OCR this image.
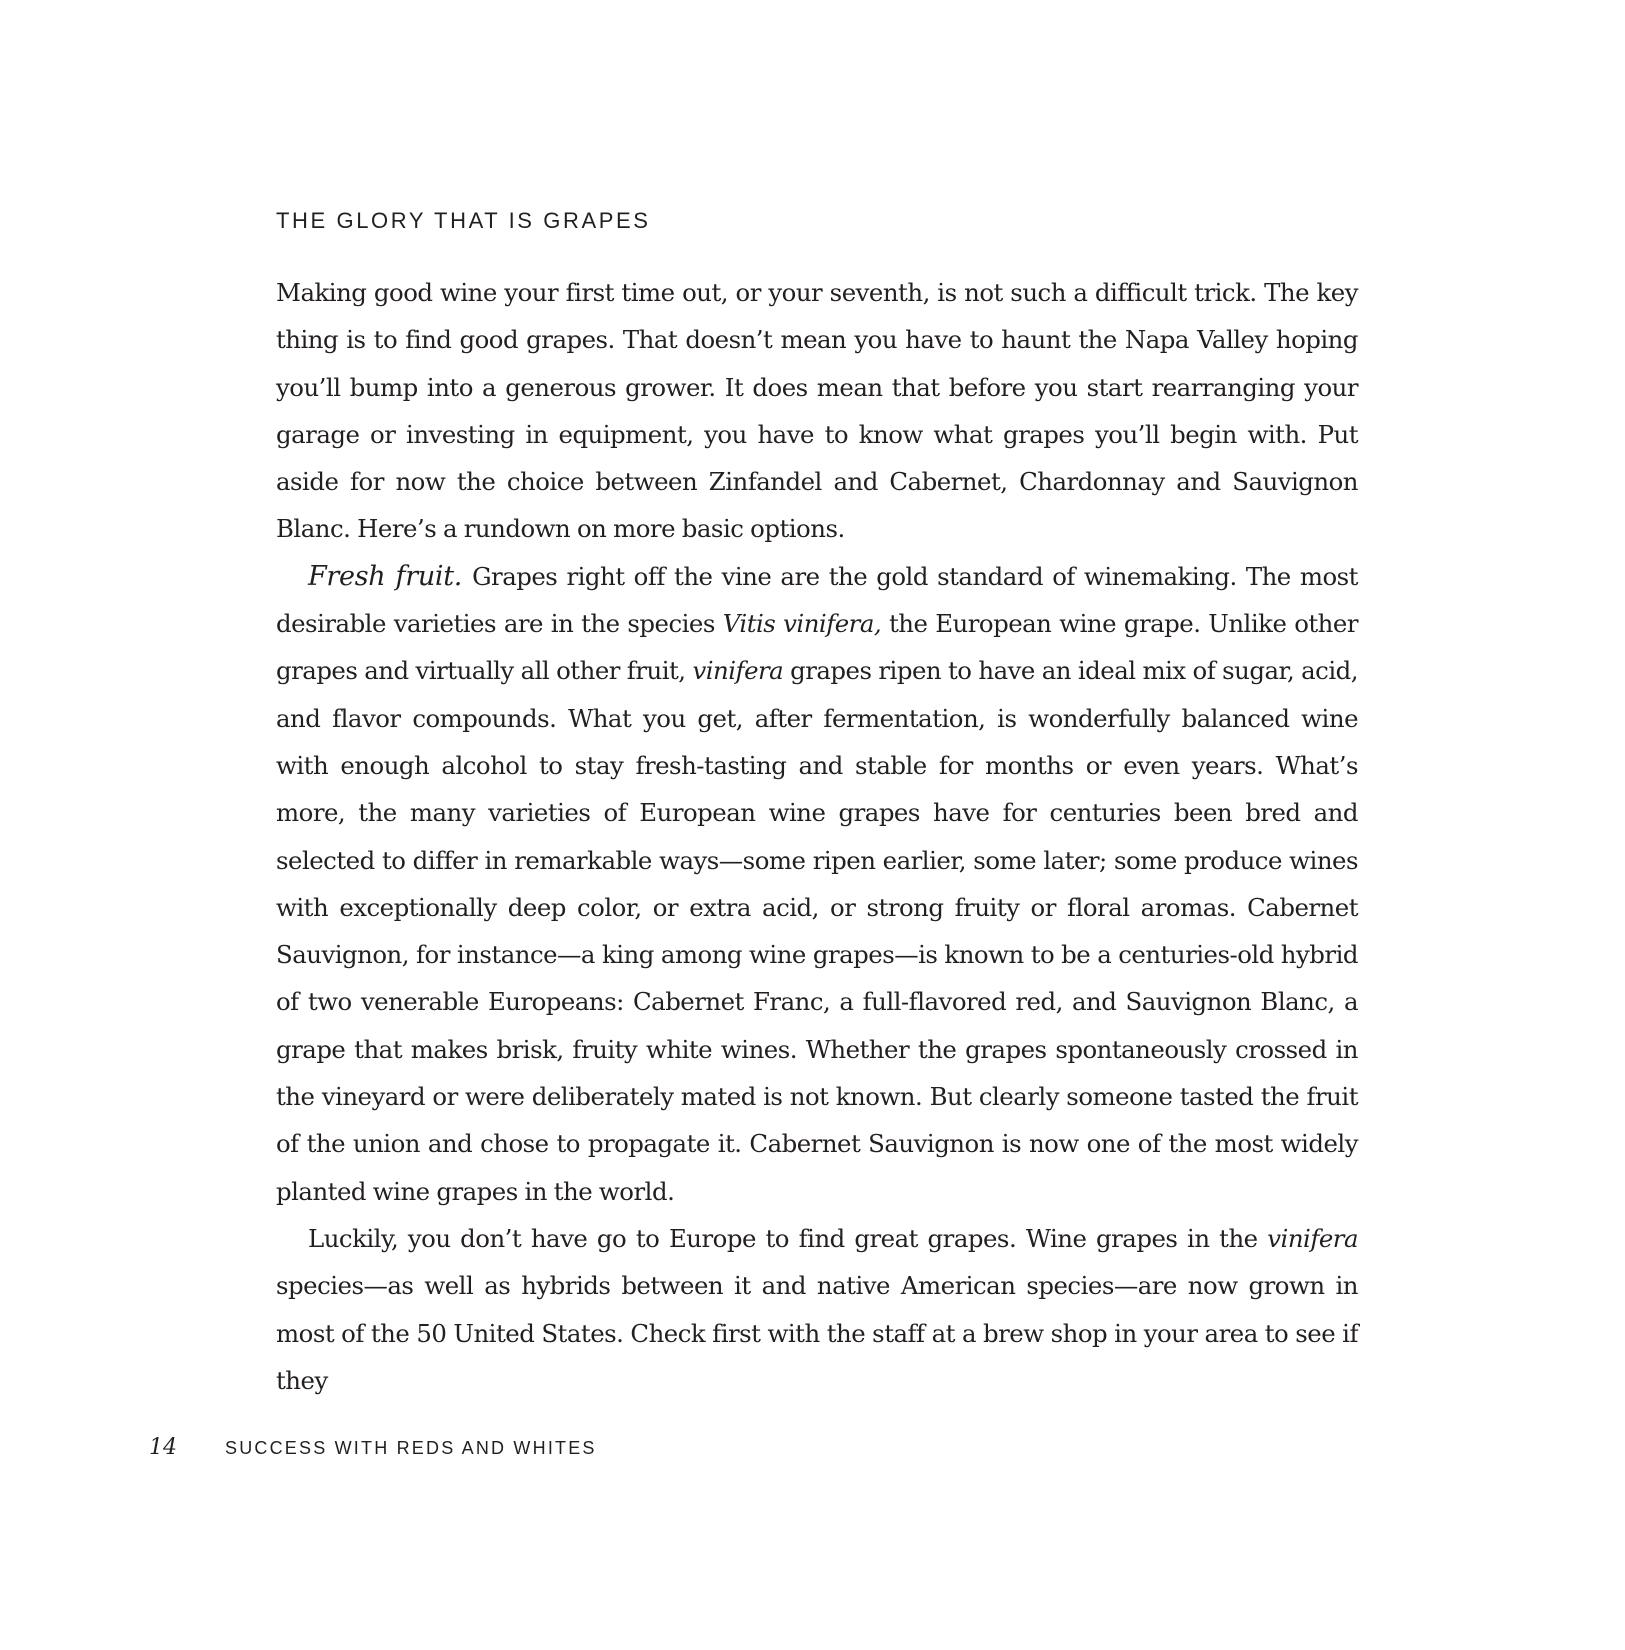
THE GLORY THAT IS GRAPES

Making good wine your first time out, or your seventh, is not such a difficult trick. The key thing is to find good grapes. That doesn’t mean you have to haunt the Napa Valley hoping you’ll bump into a generous grower. It does mean that before you start rearranging your garage or investing in equipment, you have to know what grapes you’ll begin with. Put aside for now the choice between Zinfandel and Cabernet, Chardonnay and Sauvignon Blanc. Here’s a rundown on more basic options.

Fresh fruit. Grapes right off the vine are the gold standard of winemaking. The most desirable varieties are in the species Vitis vinifera, the European wine grape. Unlike other grapes and virtually all other fruit, vinifera grapes ripen to have an ideal mix of sugar, acid, and flavor compounds. What you get, after fermentation, is wonderfully balanced wine with enough alcohol to stay fresh-tasting and stable for months or even years. What’s more, the many varieties of European wine grapes have for centuries been bred and selected to differ in remarkable ways—some ripen earlier, some later; some produce wines with exceptionally deep color, or extra acid, or strong fruity or floral aromas. Cabernet Sauvignon, for instance—a king among wine grapes—is known to be a centuries-old hybrid of two venerable Europeans: Cabernet Franc, a full-flavored red, and Sauvignon Blanc, a grape that makes brisk, fruity white wines. Whether the grapes spontaneously crossed in the vineyard or were deliberately mated is not known. But clearly someone tasted the fruit of the union and chose to propagate it. Cabernet Sauvignon is now one of the most widely planted wine grapes in the world.

Luckily, you don’t have go to Europe to find great grapes. Wine grapes in the vinifera species—as well as hybrids between it and native American species—are now grown in most of the 50 United States. Check first with the staff at a brew shop in your area to see if they

14	SUCCESS WITH REDS AND WHITES
